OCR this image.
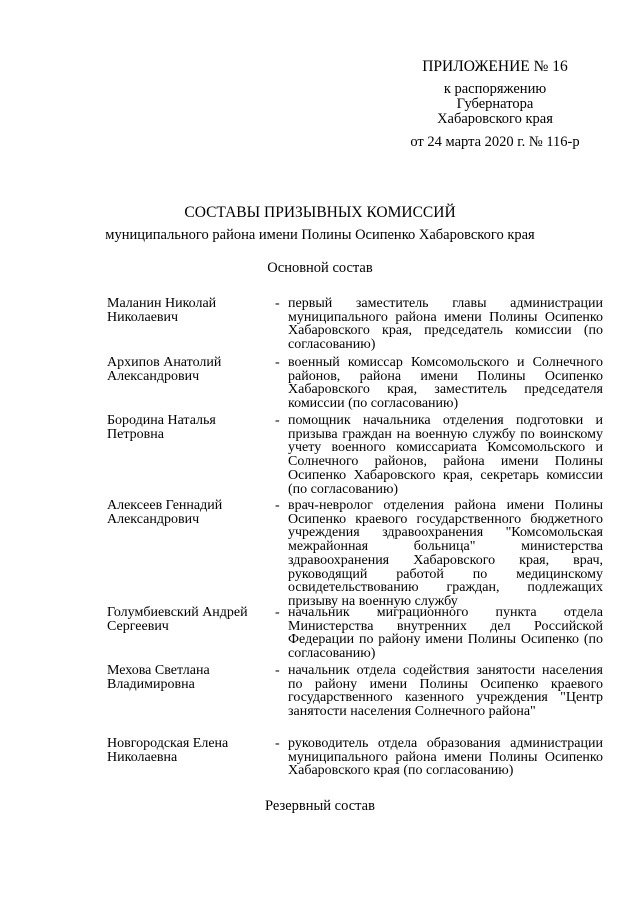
ПРИЛОЖЕНИЕ № 16
к распоряжению
Губернатора
Хабаровского края
от 24 марта 2020 г. № 116-р
СОСТАВЫ ПРИЗЫВНЫХ КОМИССИЙ
муниципального района имени Полины Осипенко Хабаровского края
Основной состав
Маланин Николай Николаевич
- первый заместитель главы администрации муниципального района имени Полины Осипенко Хабаровского края, председатель комиссии (по согласованию)
Архипов Анатолий Александрович
- военный комиссар Комсомольского и Солнечного районов, района имени Полины Осипенко Хабаровского края, заместитель председателя комиссии (по согласованию)
Бородина Наталья Петровна
- помощник начальника отделения подготовки и призыва граждан на военную службу по воинскому учету военного комиссариата Комсомольского и Солнечного районов, района имени Полины Осипенко Хабаровского края, секретарь комиссии (по согласованию)
Алексеев Геннадий Александрович
- врач-невролог отделения района имени Полины Осипенко краевого государственного бюджетного учреждения здравоохранения "Комсомольская межрайонная больница" министерства здравоохранения Хабаровского края, врач, руководящий работой по медицинскому освидетельствованию граждан, подлежащих призыву на военную службу
Голумбиевский Андрей Сергеевич
- начальник миграционного пункта отдела Министерства внутренних дел Российской Федерации по району имени Полины Осипенко (по согласованию)
Мехова Светлана Владимировна
- начальник отдела содействия занятости населения по району имени Полины Осипенко краевого государственного казенного учреждения "Центр занятости населения Солнечного района"
Новгородская Елена Николаевна
- руководитель отдела образования администрации муниципального района имени Полины Осипенко Хабаровского края (по согласованию)
Резервный состав
